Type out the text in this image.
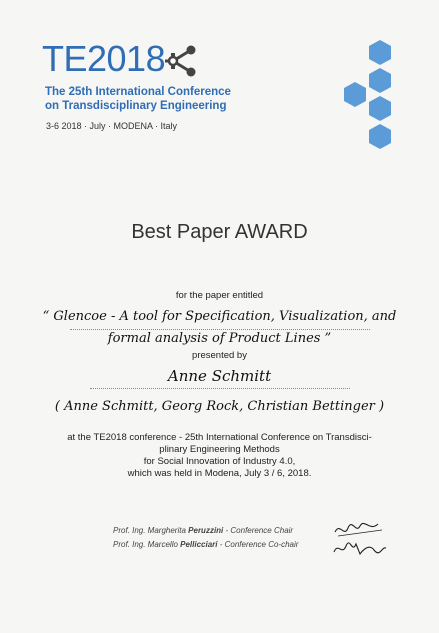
TE2018
The 25th International Conference
on Transdisciplinary Engineering
3-6 2018 · July · MODENA · Italy
Best Paper AWARD
for the paper entitled
“ Glencoe - A tool for Specification, Visualization, and
formal analysis of Product Lines ”
presented by
Anne Schmitt
( Anne Schmitt, Georg Rock, Christian Bettinger )
at the TE2018 conference - 25th International Conference on Transdisci-
plinary Engineering Methods
for Social Innovation of Industry 4.0,
which was held in Modena, July 3 / 6, 2018.
Prof. Ing. Margherita Peruzzini - Conference Chair
Prof. Ing. Marcello Pellicciari - Conference Co-chair
